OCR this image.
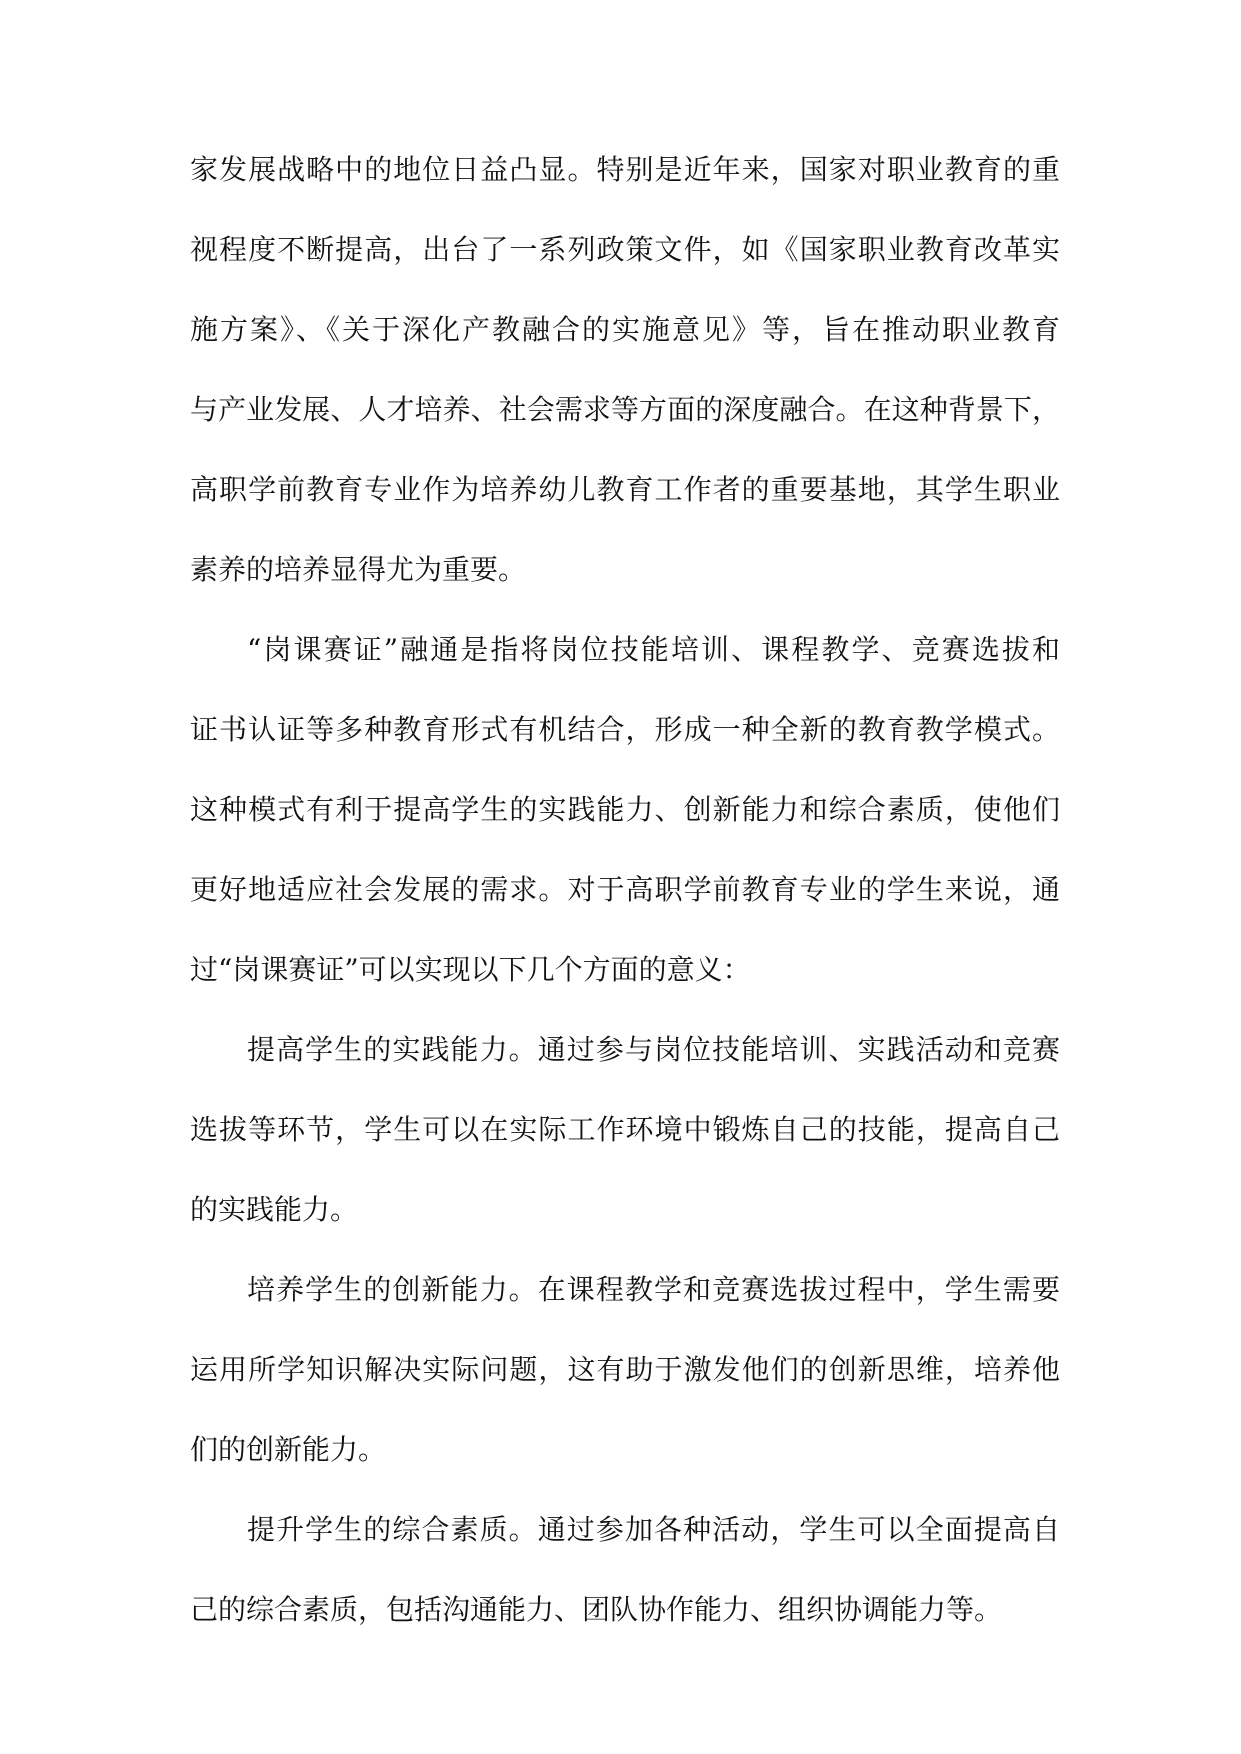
家发展战略中的地位日益凸显。特别是近年来，国家对职业教育的重
视程度不断提高，出台了一系列政策文件，如《国家职业教育改革实
施方案》、《关于深化产教融合的实施意见》等，旨在推动职业教育
与产业发展、人才培养、社会需求等方面的深度融合。在这种背景下，
高职学前教育专业作为培养幼儿教育工作者的重要基地，其学生职业
素养的培养显得尤为重要。
“岗课赛证”融通是指将岗位技能培训、课程教学、竞赛选拔和
证书认证等多种教育形式有机结合，形成一种全新的教育教学模式。
这种模式有利于提高学生的实践能力、创新能力和综合素质，使他们
更好地适应社会发展的需求。对于高职学前教育专业的学生来说，通
过“岗课赛证”可以实现以下几个方面的意义：
提高学生的实践能力。通过参与岗位技能培训、实践活动和竞赛
选拔等环节，学生可以在实际工作环境中锻炼自己的技能，提高自己
的实践能力。
培养学生的创新能力。在课程教学和竞赛选拔过程中，学生需要
运用所学知识解决实际问题，这有助于激发他们的创新思维，培养他
们的创新能力。
提升学生的综合素质。通过参加各种活动，学生可以全面提高自
己的综合素质，包括沟通能力、团队协作能力、组织协调能力等。
